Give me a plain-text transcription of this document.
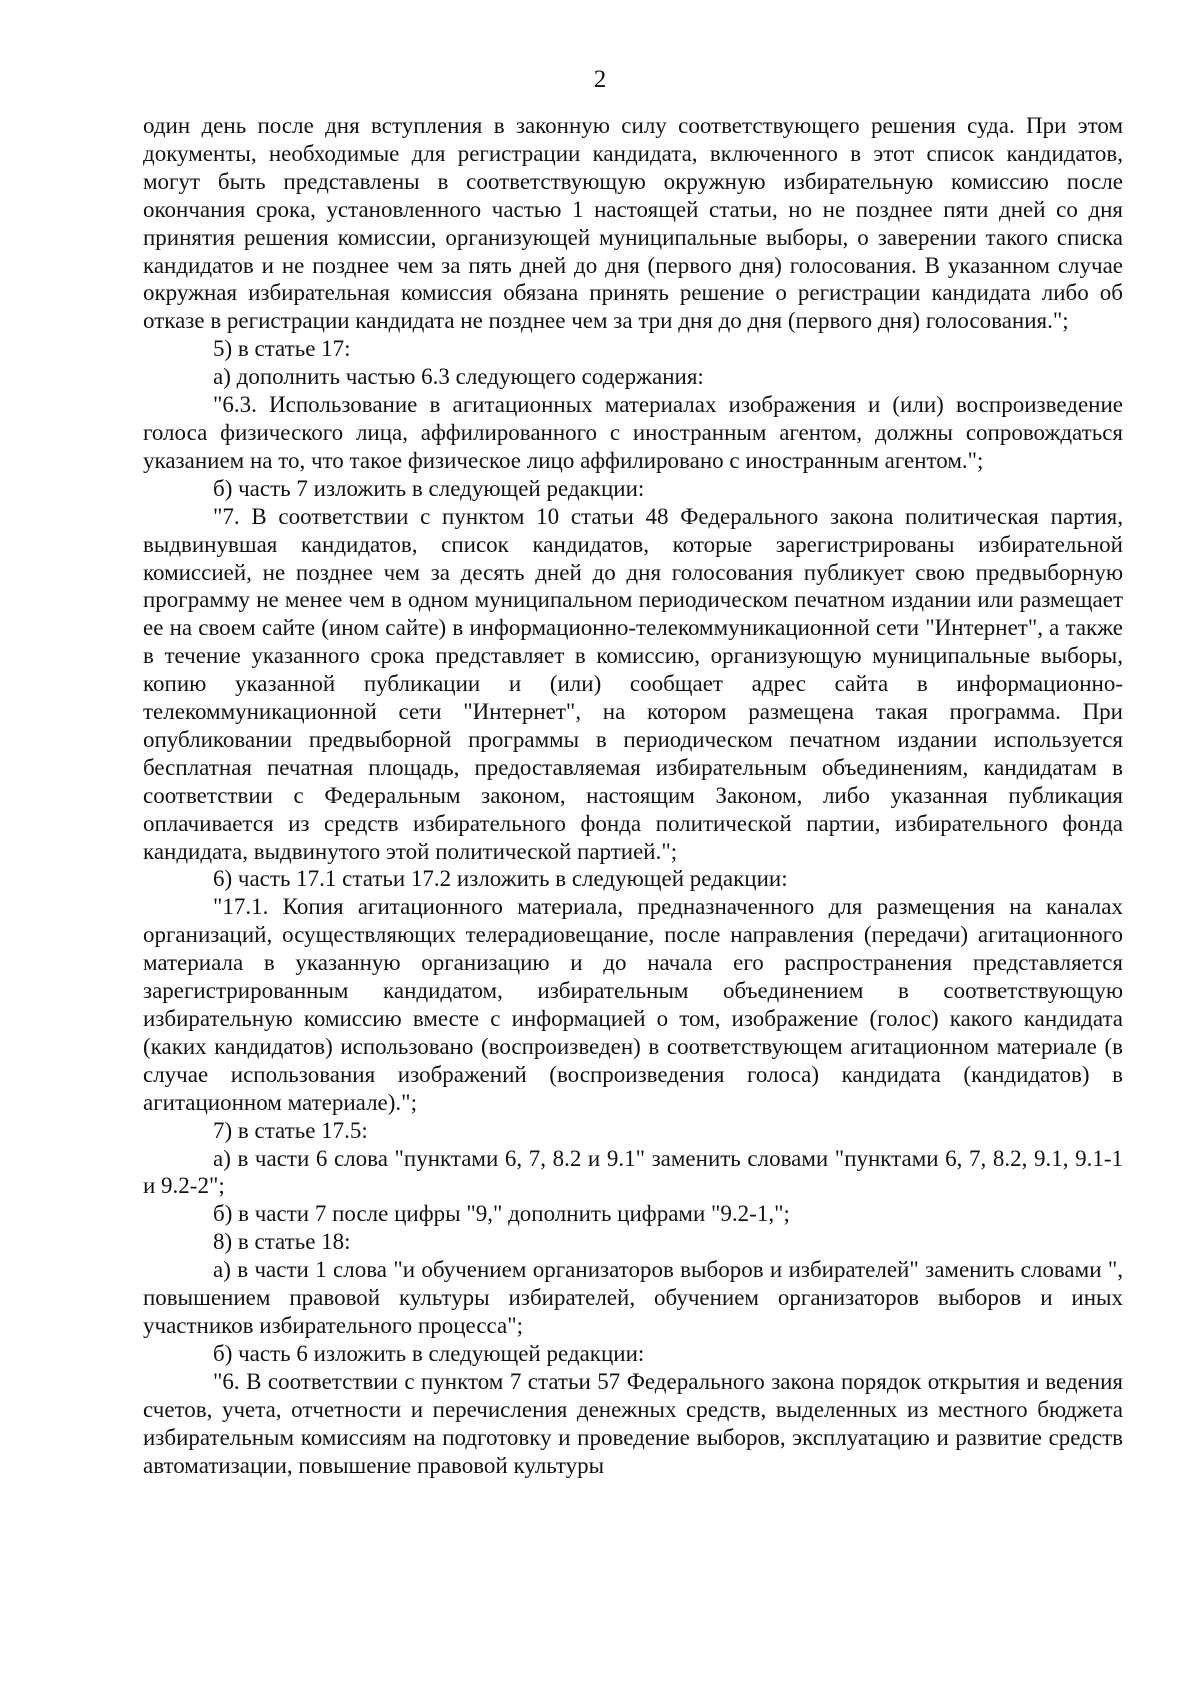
2

один день после дня вступления в законную силу соответствующего решения суда. При этом документы, необходимые для регистрации кандидата, включенного в этот список кандидатов, могут быть представлены в соответствующую окружную избирательную комиссию после окончания срока, установленного частью 1 настоящей статьи, но не позднее пяти дней со дня принятия решения комиссии, организующей муниципальные выборы, о заверении такого списка кандидатов и не позднее чем за пять дней до дня (первого дня) голосования. В указанном случае окружная избирательная комиссия обязана принять решение о регистрации кандидата либо об отказе в регистрации кандидата не позднее чем за три дня до дня (первого дня) голосования.";

5) в статье 17:

а) дополнить частью 6.3 следующего содержания:

"6.3. Использование в агитационных материалах изображения и (или) воспроизведение голоса физического лица, аффилированного с иностранным агентом, должны сопровождаться указанием на то, что такое физическое лицо аффилировано с иностранным агентом.";

б) часть 7 изложить в следующей редакции:

"7. В соответствии с пунктом 10 статьи 48 Федерального закона политическая партия, выдвинувшая кандидатов, список кандидатов, которые зарегистрированы избирательной комиссией, не позднее чем за десять дней до дня голосования публикует свою предвыборную программу не менее чем в одном муниципальном периодическом печатном издании или размещает ее на своем сайте (ином сайте) в информационно-телекоммуникационной сети "Интернет", а также в течение указанного срока представляет в комиссию, организующую муниципальные выборы, копию указанной публикации и (или) сообщает адрес сайта в информационно-телекоммуникационной сети "Интернет", на котором размещена такая программа. При опубликовании предвыборной программы в периодическом печатном издании используется бесплатная печатная площадь, предоставляемая избирательным объединениям, кандидатам в соответствии с Федеральным законом, настоящим Законом, либо указанная публикация оплачивается из средств избирательного фонда политической партии, избирательного фонда кандидата, выдвинутого этой политической партией.";

6) часть 17.1 статьи 17.2 изложить в следующей редакции:

"17.1. Копия агитационного материала, предназначенного для размещения на каналах организаций, осуществляющих телерадиовещание, после направления (передачи) агитационного материала в указанную организацию и до начала его распространения представляется зарегистрированным кандидатом, избирательным объединением в соответствующую избирательную комиссию вместе с информацией о том, изображение (голос) какого кандидата (каких кандидатов) использовано (воспроизведен) в соответствующем агитационном материале (в случае использования изображений (воспроизведения голоса) кандидата (кандидатов) в агитационном материале).";

7) в статье 17.5:

а) в части 6 слова "пунктами 6, 7, 8.2 и 9.1" заменить словами "пунктами 6, 7, 8.2, 9.1, 9.1-1 и 9.2-2";

б) в части 7 после цифры "9," дополнить цифрами "9.2-1,";

8) в статье 18:

а) в части 1 слова "и обучением организаторов выборов и избирателей" заменить словами ", повышением правовой культуры избирателей, обучением организаторов выборов и иных участников избирательного процесса";

б) часть 6 изложить в следующей редакции:

"6. В соответствии с пунктом 7 статьи 57 Федерального закона порядок открытия и ведения счетов, учета, отчетности и перечисления денежных средств, выделенных из местного бюджета избирательным комиссиям на подготовку и проведение выборов, эксплуатацию и развитие средств автоматизации, повышение правовой культуры
